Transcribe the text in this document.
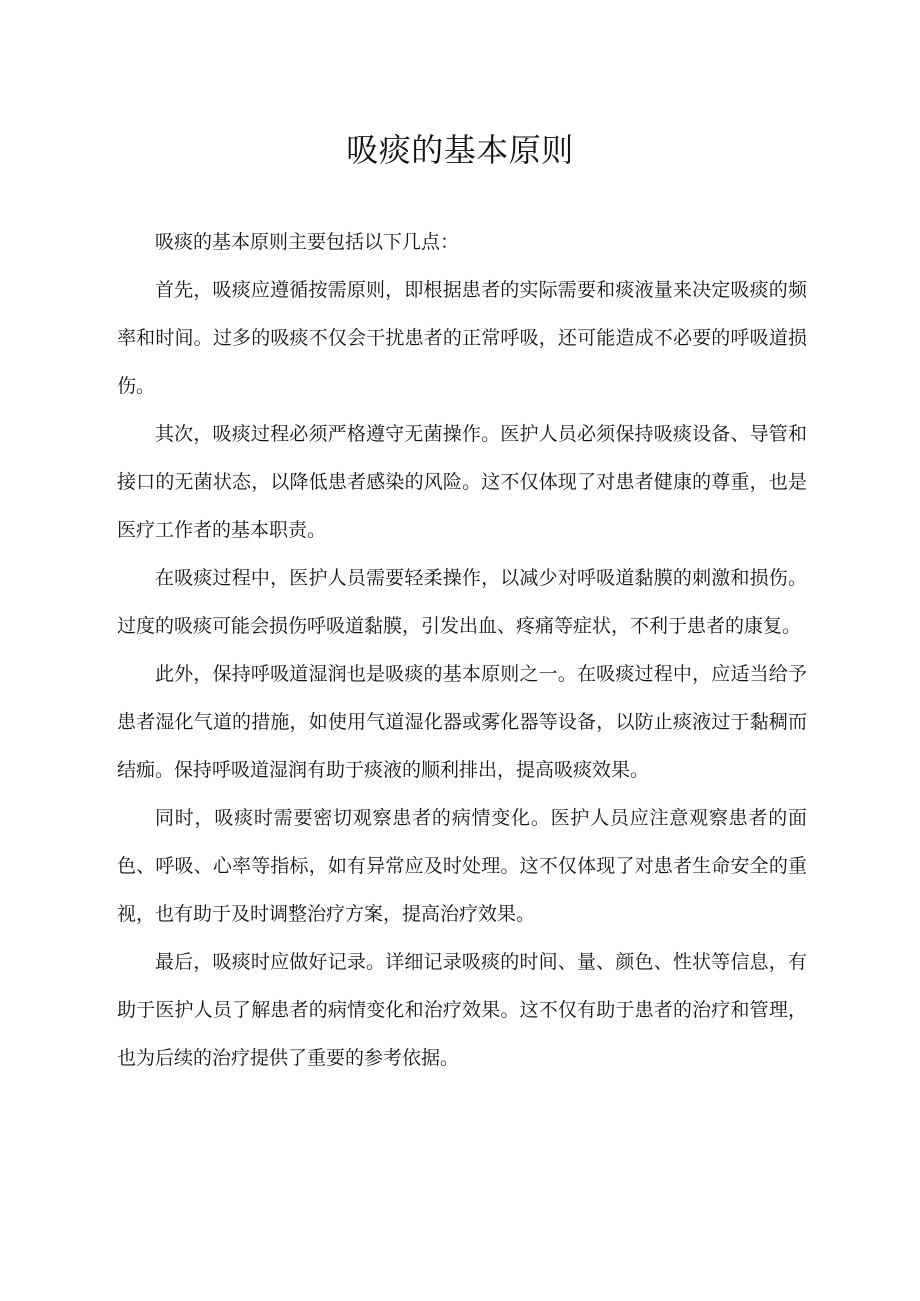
吸痰的基本原则

吸痰的基本原则主要包括以下几点：

首先，吸痰应遵循按需原则，即根据患者的实际需要和痰液量来决定吸痰的频率和时间。过多的吸痰不仅会干扰患者的正常呼吸，还可能造成不必要的呼吸道损伤。

其次，吸痰过程必须严格遵守无菌操作。医护人员必须保持吸痰设备、导管和接口的无菌状态，以降低患者感染的风险。这不仅体现了对患者健康的尊重，也是医疗工作者的基本职责。

在吸痰过程中，医护人员需要轻柔操作，以减少对呼吸道黏膜的刺激和损伤。过度的吸痰可能会损伤呼吸道黏膜，引发出血、疼痛等症状，不利于患者的康复。

此外，保持呼吸道湿润也是吸痰的基本原则之一。在吸痰过程中，应适当给予患者湿化气道的措施，如使用气道湿化器或雾化器等设备，以防止痰液过于黏稠而结痂。保持呼吸道湿润有助于痰液的顺利排出，提高吸痰效果。

同时，吸痰时需要密切观察患者的病情变化。医护人员应注意观察患者的面色、呼吸、心率等指标，如有异常应及时处理。这不仅体现了对患者生命安全的重视，也有助于及时调整治疗方案，提高治疗效果。

最后，吸痰时应做好记录。详细记录吸痰的时间、量、颜色、性状等信息，有助于医护人员了解患者的病情变化和治疗效果。这不仅有助于患者的治疗和管理，也为后续的治疗提供了重要的参考依据。
